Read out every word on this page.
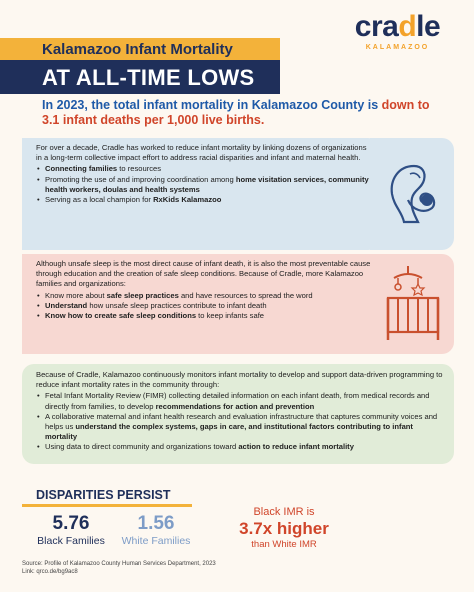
cradle
KALAMAZOO
Kalamazoo Infant Mortality
AT ALL-TIME LOWS
In 2023, the total infant mortality in Kalamazoo County is down to 3.1 infant deaths per 1,000 live births.

For over a decade, Cradle has worked to reduce infant mortality by linking dozens of organizations in a long-term collective impact effort to address racial disparities and infant and maternal health.

• Connecting families to resources
• Promoting the use of and improving coordination among home visitation services, community health workers, doulas and health systems
• Serving as a local champion for RxKids Kalamazoo

Although unsafe sleep is the most direct cause of infant death, it is also the most preventable cause through education and the creation of safe sleep conditions. Because of Cradle, more Kalamazoo families and organizations:

• Know more about safe sleep practices and have resources to spread the word
• Understand how unsafe sleep practices contribute to infant death
• Know how to create safe sleep conditions to keep infants safe

Because of Cradle, Kalamazoo continuously monitors infant mortality to develop and support data-driven programming to reduce infant mortality rates in the community through:

• Fetal Infant Mortality Review (FIMR) collecting detailed information on each infant death, from medical records and directly from families, to develop recommendations for action and prevention
• A collaborative maternal and infant health research and evaluation infrastructure that captures community voices and helps us understand the complex systems, gaps in care, and institutional factors contributing to infant mortality
• Using data to direct community and organizations toward action to reduce infant mortality
DISPARITIES PERSIST
5.76
Black Families
1.56
White Families
Black IMR is
3.7x higher
than White IMR
Source: Profile of Kalamazoo County Human Services Department, 2023
Link: qrco.de/bg9ac8
